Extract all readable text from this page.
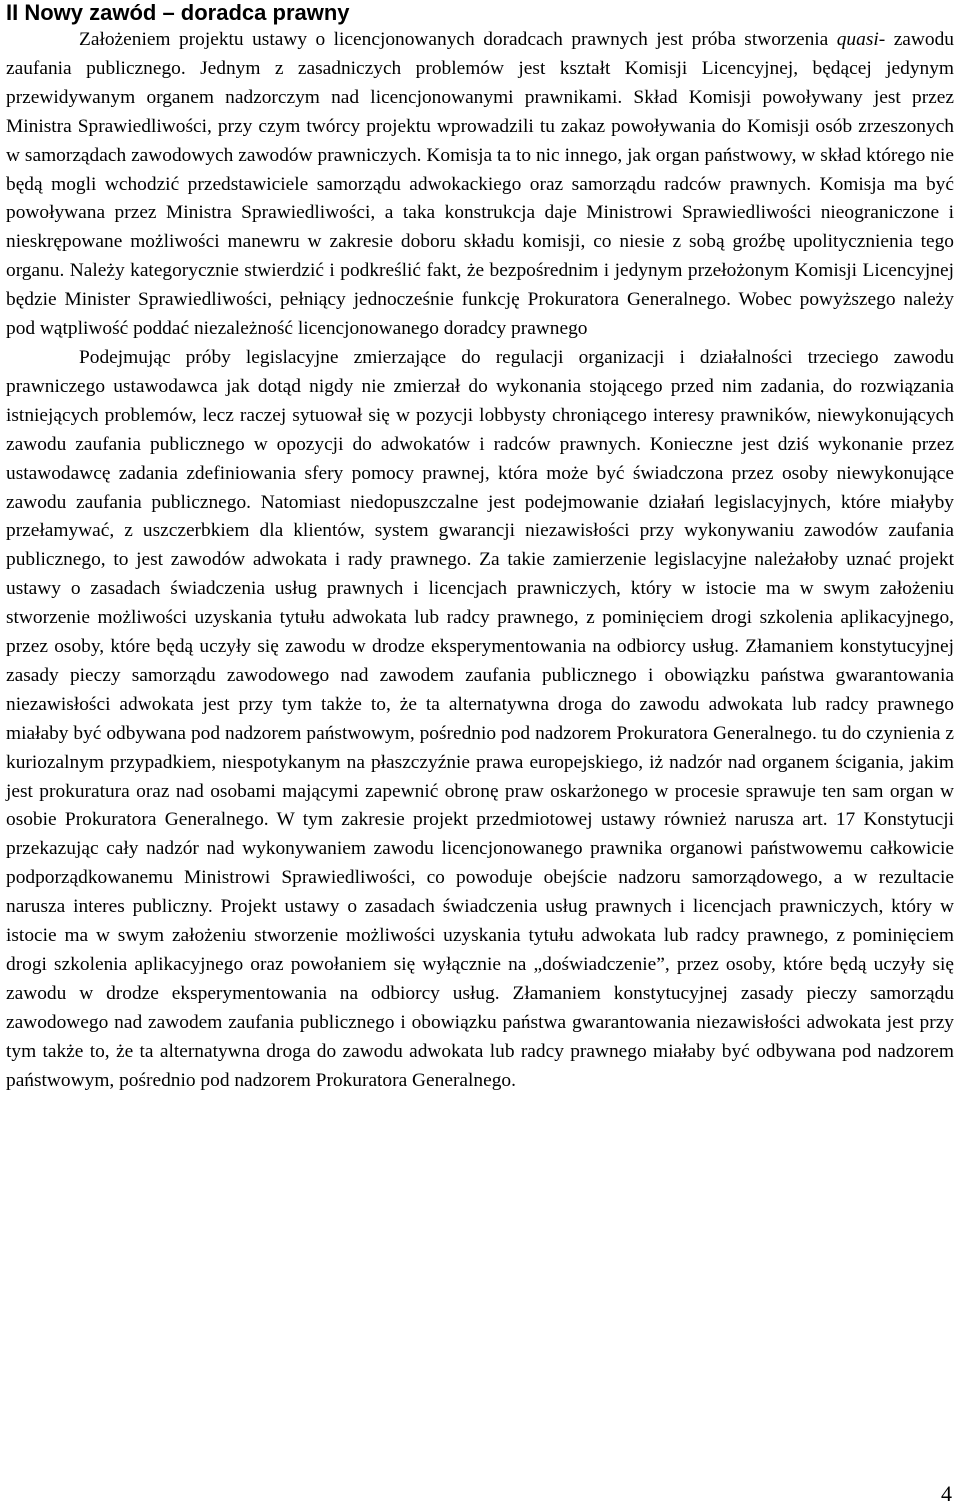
II Nowy zawód – doradca prawny

Założeniem projektu ustawy o licencjonowanych doradcach prawnych jest próba stworzenia quasi- zawodu zaufania publicznego. Jednym z zasadniczych problemów jest kształt Komisji Licencyjnej, będącej jedynym przewidywanym organem nadzorczym nad licencjonowanymi prawnikami. Skład Komisji powoływany jest przez Ministra Sprawiedliwości, przy czym twórcy projektu wprowadzili tu zakaz powoływania do Komisji osób zrzeszonych w samorządach zawodowych zawodów prawniczych. Komisja ta to nic innego, jak organ państwowy, w skład którego nie będą mogli wchodzić przedstawiciele samorządu adwokackiego oraz samorządu radców prawnych. Komisja ma być powoływana przez Ministra Sprawiedliwości, a taka konstrukcja daje Ministrowi Sprawiedliwości nieograniczone i nieskrępowane możliwości manewru w zakresie doboru składu komisji, co niesie z sobą groźbę upolitycznienia tego organu. Należy kategorycznie stwierdzić i podkreślić fakt, że bezpośrednim i jedynym przełożonym Komisji Licencyjnej będzie Minister Sprawiedliwości, pełniący jednocześnie funkcję Prokuratora Generalnego. Wobec powyższego należy pod wątpliwość poddać niezależność licencjonowanego doradcy prawnego

Podejmując próby legislacyjne zmierzające do regulacji organizacji i działalności trzeciego zawodu prawniczego ustawodawca jak dotąd nigdy nie zmierzał do wykonania stojącego przed nim zadania, do rozwiązania istniejących problemów, lecz raczej sytuował się w pozycji lobbysty chroniącego interesy prawników, niewykonujących zawodu zaufania publicznego w opozycji do adwokatów i radców prawnych. Konieczne jest dziś wykonanie przez ustawodawcę zadania zdefiniowania sfery pomocy prawnej, która może być świadczona przez osoby niewykonujące zawodu zaufania publicznego. Natomiast niedopuszczalne jest podejmowanie działań legislacyjnych, które miałyby przełamywać, z uszczerbkiem dla klientów, system gwarancji niezawisłości przy wykonywaniu zawodów zaufania publicznego, to jest zawodów adwokata i rady prawnego. Za takie zamierzenie legislacyjne należałoby uznać projekt ustawy o zasadach świadczenia usług prawnych i licencjach prawniczych, który w istocie ma w swym założeniu stworzenie możliwości uzyskania tytułu adwokata lub radcy prawnego, z pominięciem drogi szkolenia aplikacyjnego, przez osoby, które będą uczyły się zawodu w drodze eksperymentowania na odbiorcy usług. Złamaniem konstytucyjnej zasady pieczy samorządu zawodowego nad zawodem zaufania publicznego i obowiązku państwa gwarantowania niezawisłości adwokata jest przy tym także to, że ta alternatywna droga do zawodu adwokata lub radcy prawnego miałaby być odbywana pod nadzorem państwowym, pośrednio pod nadzorem Prokuratora Generalnego. tu do czynienia z kuriozalnym przypadkiem, niespotykanym na płaszczyźnie prawa europejskiego, iż nadzór nad organem ścigania, jakim jest prokuratura oraz nad osobami mającymi zapewnić obronę praw oskarżonego w procesie sprawuje ten sam organ w osobie Prokuratora Generalnego. W tym zakresie projekt przedmiotowej ustawy również narusza art. 17 Konstytucji przekazując cały nadzór nad wykonywaniem zawodu licencjonowanego prawnika organowi państwowemu całkowicie podporządkowanemu Ministrowi Sprawiedliwości, co powoduje obejście nadzoru samorządowego, a w rezultacie narusza interes publiczny. Projekt ustawy o zasadach świadczenia usług prawnych i licencjach prawniczych, który w istocie ma w swym założeniu stworzenie możliwości uzyskania tytułu adwokata lub radcy prawnego, z pominięciem drogi szkolenia aplikacyjnego oraz powołaniem się wyłącznie na „doświadczenie”, przez osoby, które będą uczyły się zawodu w drodze eksperymentowania na odbiorcy usług. Złamaniem konstytucyjnej zasady pieczy samorządu zawodowego nad zawodem zaufania publicznego i obowiązku państwa gwarantowania niezawisłości adwokata jest przy tym także to, że ta alternatywna droga do zawodu adwokata lub radcy prawnego miałaby być odbywana pod nadzorem państwowym, pośrednio pod nadzorem Prokuratora Generalnego.

4
